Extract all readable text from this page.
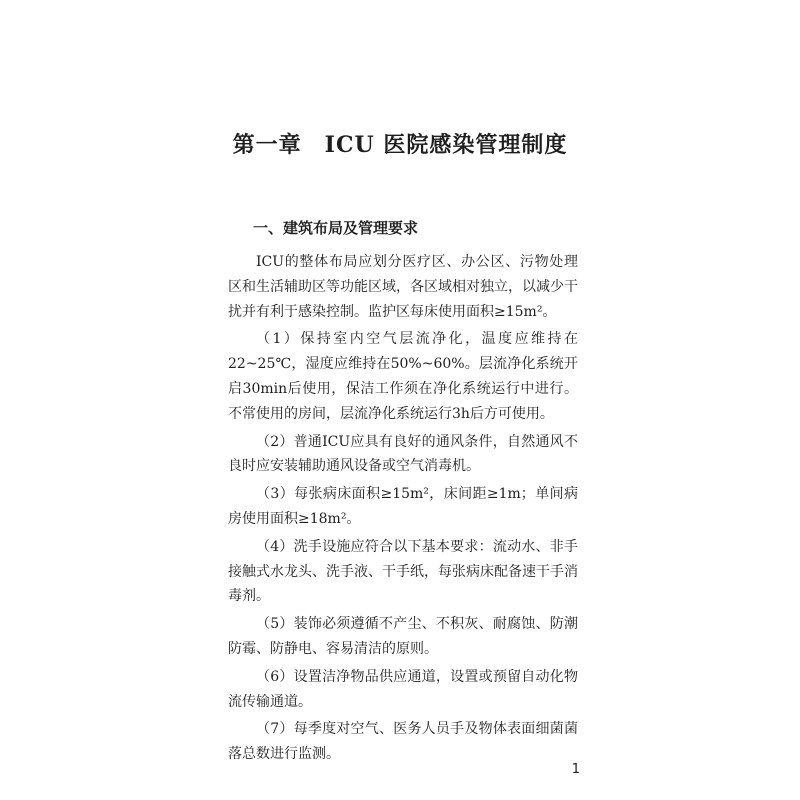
第一章　ICU 医院感染管理制度
一、建筑布局及管理要求

ICU的整体布局应划分医疗区、办公区、污物处理区和生活辅助区等功能区域，各区域相对独立，以减少干扰并有利于感染控制。监护区每床使用面积≥15m²。

（1）保持室内空气层流净化，温度应维持在22~25℃，湿度应维持在50%~60%。层流净化系统开启30min后使用，保洁工作须在净化系统运行中进行。不常使用的房间，层流净化系统运行3h后方可使用。

（2）普通ICU应具有良好的通风条件，自然通风不良时应安装辅助通风设备或空气消毒机。

（3）每张病床面积≥15m²，床间距≥1m；单间病房使用面积≥18m²。

（4）洗手设施应符合以下基本要求：流动水、非手接触式水龙头、洗手液、干手纸，每张病床配备速干手消毒剂。

（5）装饰必须遵循不产尘、不积灰、耐腐蚀、防潮防霉、防静电、容易清洁的原则。

（6）设置洁净物品供应通道，设置或预留自动化物流传输通道。

（7）每季度对空气、医务人员手及物体表面细菌菌落总数进行监测。

1
